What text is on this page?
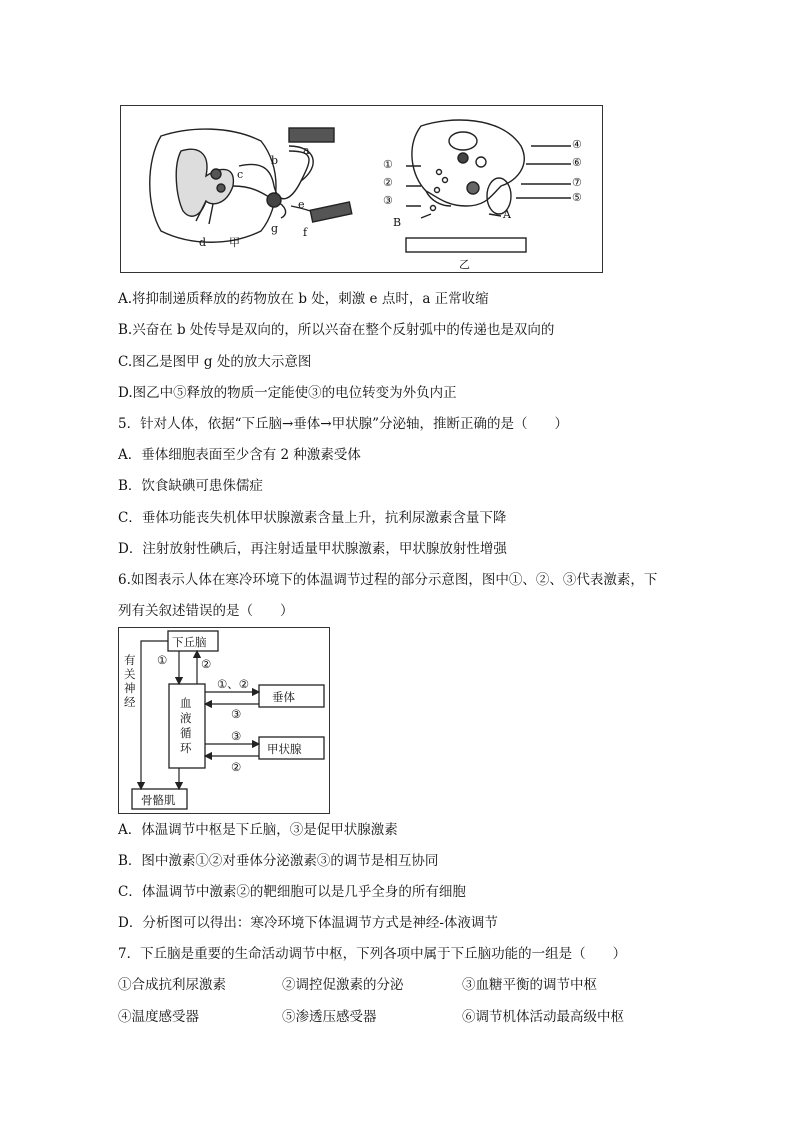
a
b
c
d 甲
g
e
f
①
②
③
④
⑥
⑦
⑤
A
B
乙
A.将抑制递质释放的药物放在 b 处，刺激 e 点时，a 正常收缩
B.兴奋在 b 处传导是双向的，所以兴奋在整个反射弧中的传递也是双向的
C.图乙是图甲 g 处的放大示意图
D.图乙中⑤释放的物质一定能使③的电位转变为外负内正
5．针对人体，依据“下丘脑→垂体→甲状腺”分泌轴，推断正确的是（　　）
A．垂体细胞表面至少含有 2 种激素受体
B．饮食缺碘可患侏儒症
C．垂体功能丧失机体甲状腺激素含量上升，抗利尿激素含量下降
D．注射放射性碘后，再注射适量甲状腺激素，甲状腺放射性增强
6.如图表示人体在寒冷环境下的体温调节过程的部分示意图，图中①、②、③代表激素，下
列有关叙述错误的是（　　）
下丘脑
垂体
甲状腺
骨骼肌
①	②
①、②
③
③
②
有关神经	血液循环
A．体温调节中枢是下丘脑，③是促甲状腺激素
B．图中激素①②对垂体分泌激素③的调节是相互协同
C．体温调节中激素②的靶细胞可以是几乎全身的所有细胞
D．分析图可以得出：寒冷环境下体温调节方式是神经-体液调节
7．下丘脑是重要的生命活动调节中枢，下列各项中属于下丘脑功能的一组是（　　）
①合成抗利尿激素	②调控促激素的分泌	③血糖平衡的调节中枢
④温度感受器	⑤渗透压感受器	⑥调节机体活动最高级中枢
